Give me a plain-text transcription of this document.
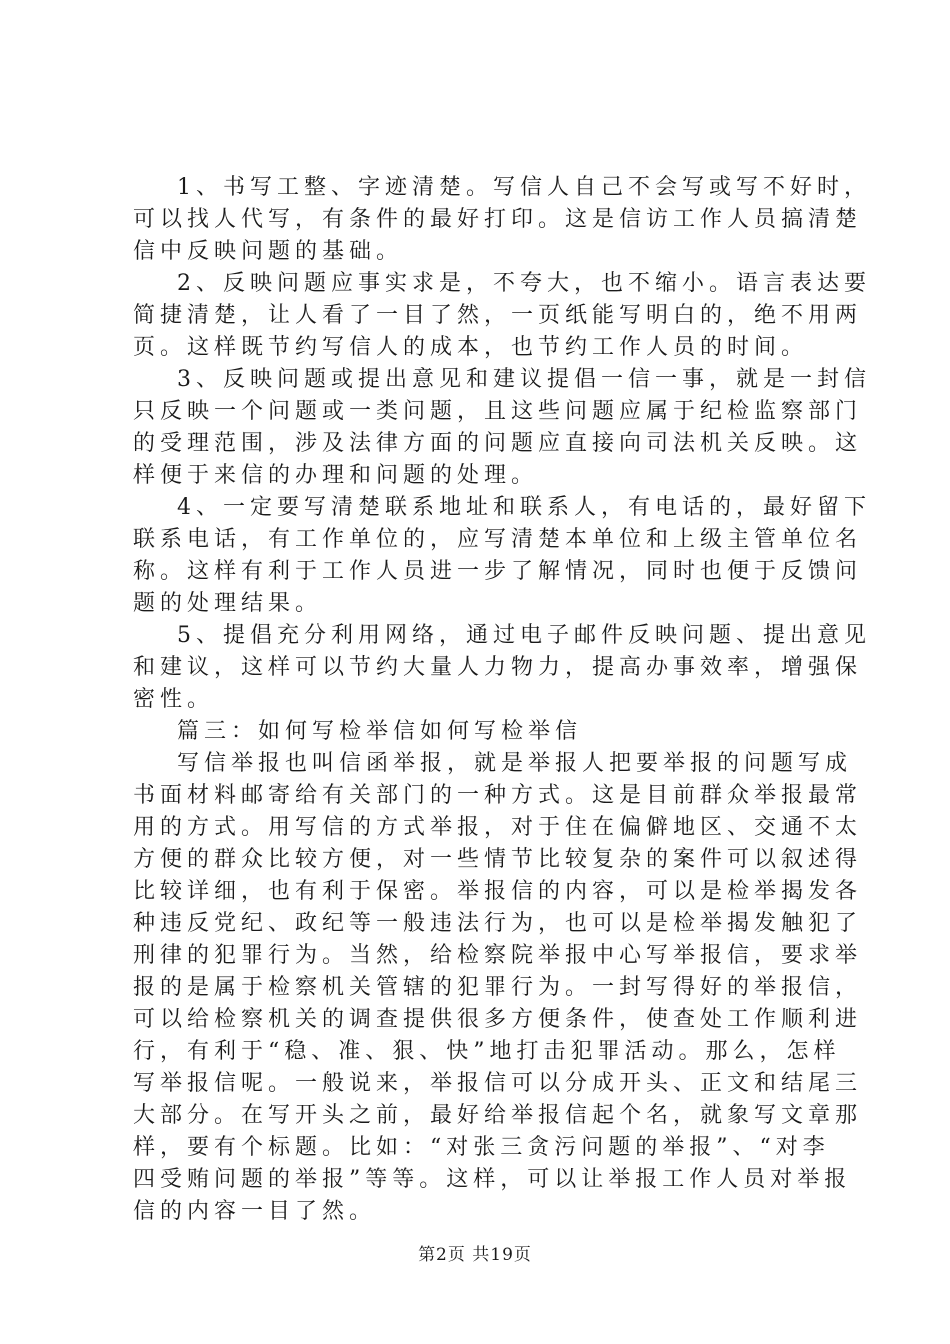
1、书写工整、字迹清楚。写信人自己不会写或写不好时，
可以找人代写，有条件的最好打印。这是信访工作人员搞清楚
信中反映问题的基础。
2、反映问题应事实求是，不夸大，也不缩小。语言表达要
简捷清楚，让人看了一目了然，一页纸能写明白的，绝不用两
页。这样既节约写信人的成本，也节约工作人员的时间。
3、反映问题或提出意见和建议提倡一信一事，就是一封信
只反映一个问题或一类问题，且这些问题应属于纪检监察部门
的受理范围，涉及法律方面的问题应直接向司法机关反映。这
样便于来信的办理和问题的处理。
4、一定要写清楚联系地址和联系人，有电话的，最好留下
联系电话，有工作单位的，应写清楚本单位和上级主管单位名
称。这样有利于工作人员进一步了解情况，同时也便于反馈问
题的处理结果。
5、提倡充分利用网络，通过电子邮件反映问题、提出意见
和建议，这样可以节约大量人力物力，提高办事效率，增强保
密性。
篇三：如何写检举信如何写检举信
写信举报也叫信函举报，就是举报人把要举报的问题写成
书面材料邮寄给有关部门的一种方式。这是目前群众举报最常
用的方式。用写信的方式举报，对于住在偏僻地区、交通不太
方便的群众比较方便，对一些情节比较复杂的案件可以叙述得
比较详细，也有利于保密。举报信的内容，可以是检举揭发各
种违反党纪、政纪等一般违法行为，也可以是检举揭发触犯了
刑律的犯罪行为。当然，给检察院举报中心写举报信，要求举
报的是属于检察机关管辖的犯罪行为。一封写得好的举报信，
可以给检察机关的调查提供很多方便条件，使查处工作顺利进
行，有利于“稳、准、狠、快”地打击犯罪活动。那么，怎样
写举报信呢。一般说来，举报信可以分成开头、正文和结尾三
大部分。在写开头之前，最好给举报信起个名，就象写文章那
样，要有个标题。比如：“对张三贪污问题的举报”、“对李
四受贿问题的举报”等等。这样，可以让举报工作人员对举报
信的内容一目了然。
第2页 共19页
